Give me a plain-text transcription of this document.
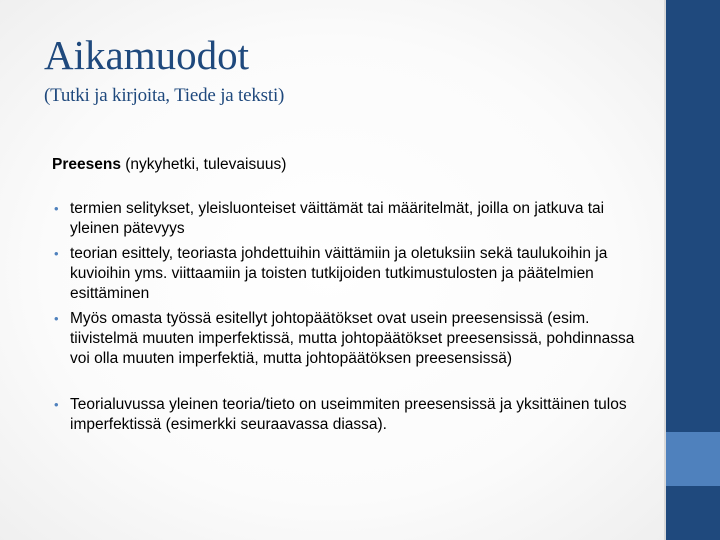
Aikamuodot

(Tutki ja kirjoita, Tiede ja teksti)

Preesens (nykyhetki, tulevaisuus)

• termien selitykset, yleisluonteiset väittämät tai määritelmät, joilla on jatkuva tai yleinen pätevyys
• teorian esittely, teoriasta johdettuihin väittämiin ja oletuksiin sekä taulukoihin ja kuvioihin yms. viittaamiin ja toisten tutkijoiden tutkimustulosten ja päätelmien esittäminen
• Myös omasta työssä esitellyt johtopäätökset ovat usein preesensissä (esim. tiivistelmä muuten imperfektissä, mutta johtopäätökset preesensissä, pohdinnassa voi olla muuten imperfektiä, mutta johtopäätöksen preesensissä)
• Teorialuvussa yleinen teoria/tieto on useimmiten preesensissä ja yksittäinen tulos imperfektissä (esimerkki seuraavassa diassa).
